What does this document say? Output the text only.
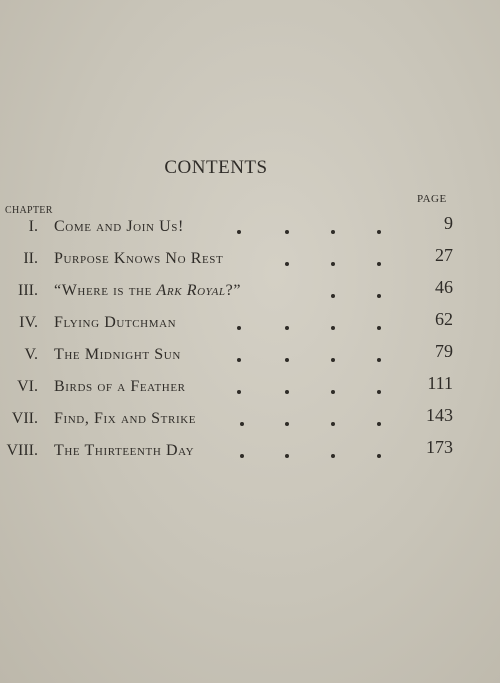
CONTENTS
PAGE
CHAPTER
I. Come and Join Us!	9
II. Purpose Knows No Rest	27
III. “Where is the Ark Royal?”	46
IV. Flying Dutchman	62
V. The Midnight Sun	79
VI. Birds of a Feather	111
VII. Find, Fix and Strike	143
VIII. The Thirteenth Day	173
